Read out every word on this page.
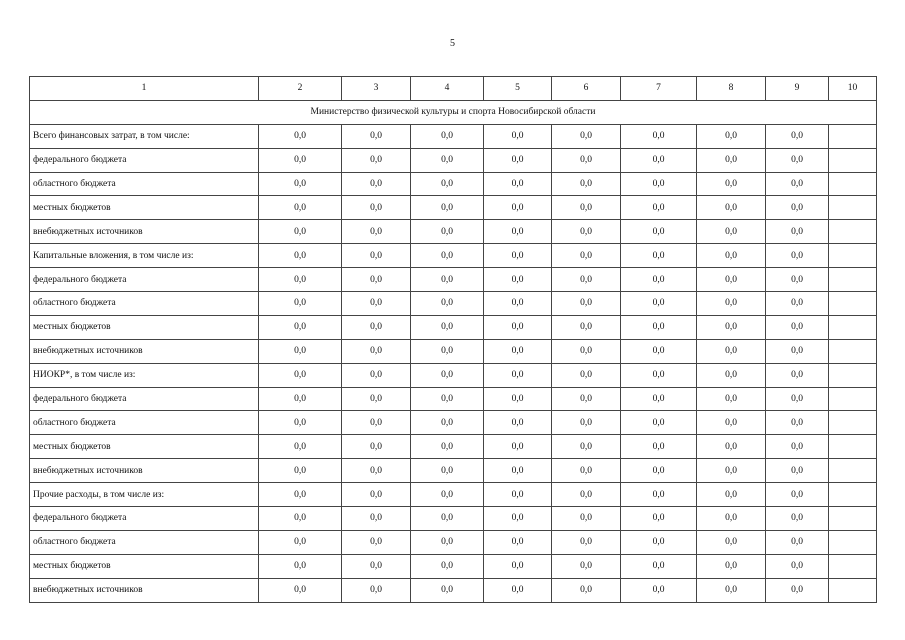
5
1	2	3	4	5	6	7	8	9	10
Министерство физической культуры и спорта Новосибирской области									
Всего финансовых затрат, в том числе:	0,0	0,0	0,0	0,0	0,0	0,0	0,0	0,0	
федерального бюджета	0,0	0,0	0,0	0,0	0,0	0,0	0,0	0,0	
областного бюджета	0,0	0,0	0,0	0,0	0,0	0,0	0,0	0,0	
местных бюджетов	0,0	0,0	0,0	0,0	0,0	0,0	0,0	0,0	
внебюджетных источников	0,0	0,0	0,0	0,0	0,0	0,0	0,0	0,0	
Капитальные вложения, в том числе из:	0,0	0,0	0,0	0,0	0,0	0,0	0,0	0,0	
федерального бюджета	0,0	0,0	0,0	0,0	0,0	0,0	0,0	0,0	
областного бюджета	0,0	0,0	0,0	0,0	0,0	0,0	0,0	0,0	
местных бюджетов	0,0	0,0	0,0	0,0	0,0	0,0	0,0	0,0	
внебюджетных источников	0,0	0,0	0,0	0,0	0,0	0,0	0,0	0,0	
НИОКР*, в том числе из:	0,0	0,0	0,0	0,0	0,0	0,0	0,0	0,0	
федерального бюджета	0,0	0,0	0,0	0,0	0,0	0,0	0,0	0,0	
областного бюджета	0,0	0,0	0,0	0,0	0,0	0,0	0,0	0,0	
местных бюджетов	0,0	0,0	0,0	0,0	0,0	0,0	0,0	0,0	
внебюджетных источников	0,0	0,0	0,0	0,0	0,0	0,0	0,0	0,0	
Прочие расходы, в том числе из:	0,0	0,0	0,0	0,0	0,0	0,0	0,0	0,0	
федерального бюджета	0,0	0,0	0,0	0,0	0,0	0,0	0,0	0,0	
областного бюджета	0,0	0,0	0,0	0,0	0,0	0,0	0,0	0,0	
местных бюджетов	0,0	0,0	0,0	0,0	0,0	0,0	0,0	0,0	
внебюджетных источников	0,0	0,0	0,0	0,0	0,0	0,0	0,0	0,0	
